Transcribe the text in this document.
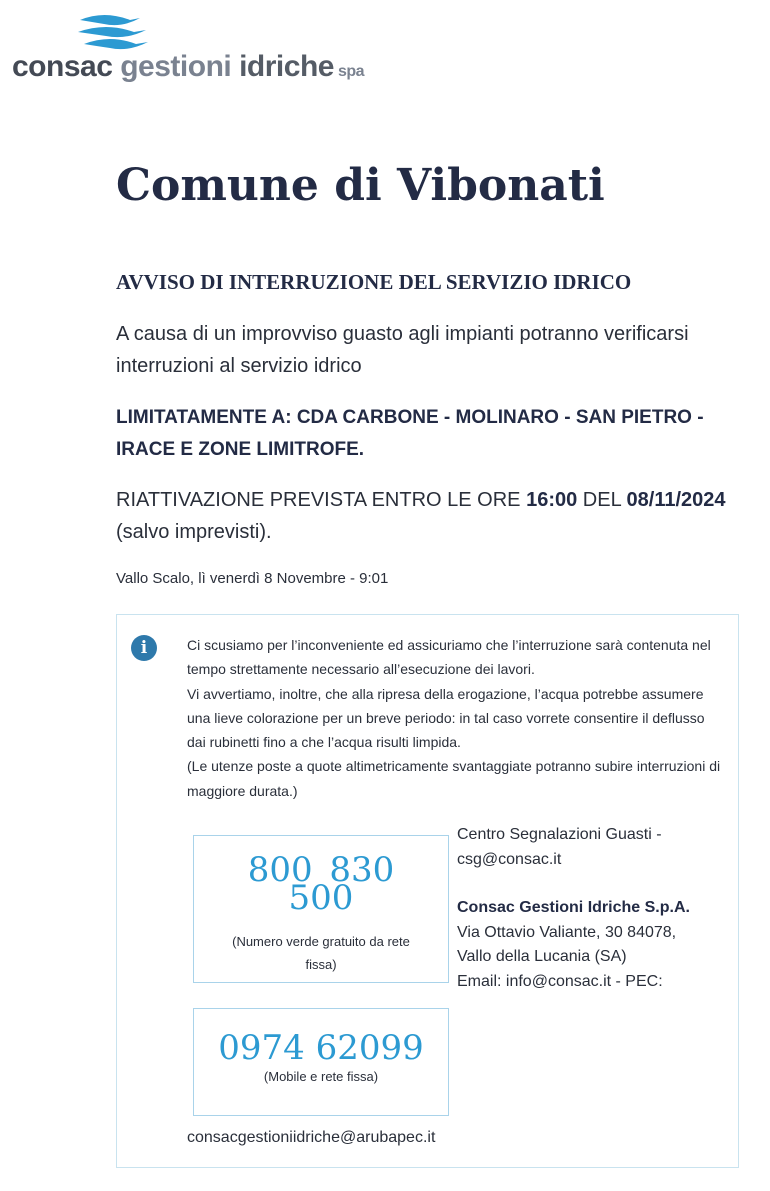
consac gestioni idriche spa
Comune di Vibonati
AVVISO DI INTERRUZIONE DEL SERVIZIO IDRICO

A causa di un improvviso guasto agli impianti potranno verificarsi interruzioni al servizio idrico

LIMITATAMENTE A: CDA CARBONE - MOLINARO - SAN PIETRO - IRACE E ZONE LIMITROFE.

RIATTIVAZIONE PREVISTA ENTRO LE ORE 16:00 DEL 08/11/2024
(salvo imprevisti).

Vallo Scalo, lì venerdì 8 Novembre - 9:01

i	Ci scusiamo per l’inconveniente ed assicuriamo che l’interruzione sarà contenuta nel tempo strettamente necessario all’esecuzione dei lavori.
Vi avvertiamo, inoltre, che alla ripresa della erogazione, l’acqua potrebbe assumere una lieve colorazione per un breve periodo: in tal caso vorrete consentire il deflusso dai rubinetti fino a che l’acqua risulti limpida.
(Le utenze poste a quote altimetricamente svantaggiate potranno subire interruzioni di maggiore durata.)
800 830 500
(Numero verde gratuito da rete fissa)
0974 62099
(Mobile e rete fissa)
Centro Segnalazioni Guasti -
csg@consac.it
Consac Gestioni Idriche S.p.A.
Via Ottavio Valiante, 30 84078,
Vallo della Lucania (SA)
Email: info@consac.it - PEC:
consacgestioniidriche@arubapec.it
